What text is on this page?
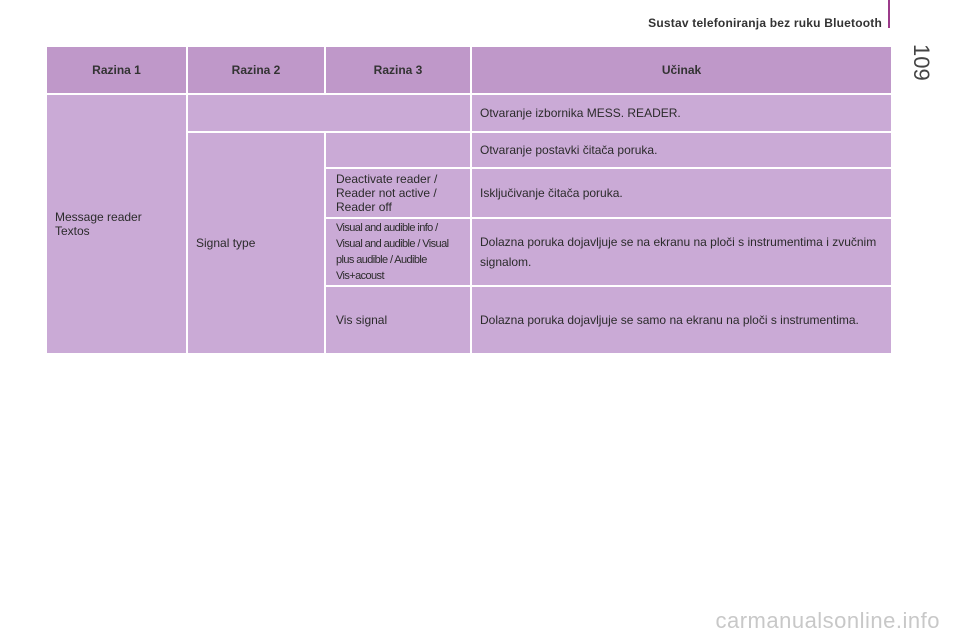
Sustav telefoniranja bez ruku Bluetooth
109
Razina 1	Razina 2	Razina 3	Učinak
Message reader
Textos			Otvaranje izbornika MESS. READER.
	Signal type		Otvaranje postavki čitača poruka.
		Deactivate reader / Reader not active / Reader off	Isključivanje čitača poruka.
		Visual and audible info / Visual and audible / Visual plus audible / Audible Vis+acoust	Dolazna poruka dojavljuje se na ekranu na ploči s instrumentima i zvučnim signalom.
		Vis signal	Dolazna poruka dojavljuje se samo na ekranu na ploči s instrumentima.
carmanualsonline.info
